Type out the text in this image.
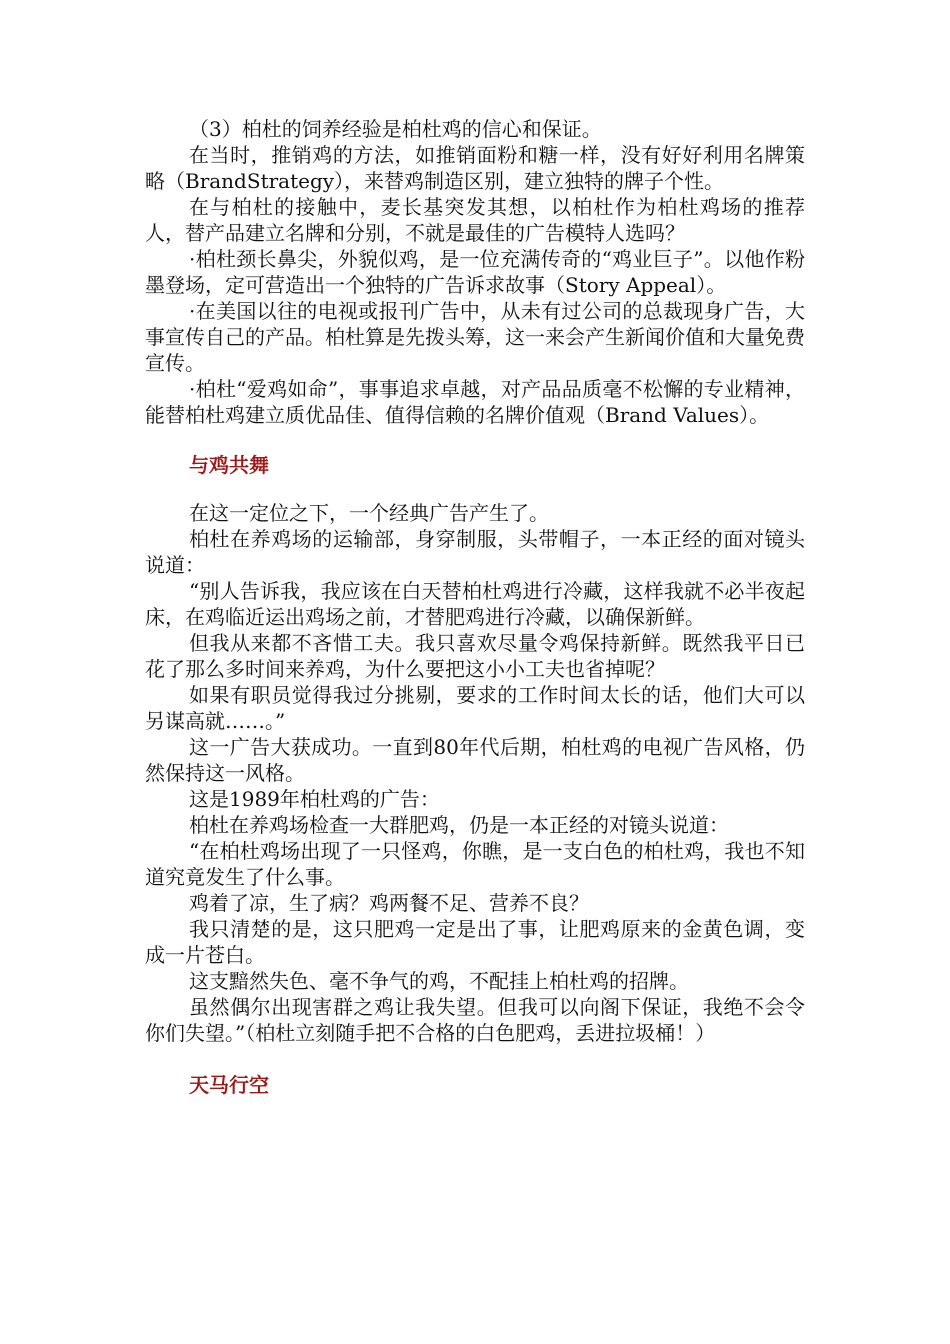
（3）柏杜的饲养经验是柏杜鸡的信心和保证。

在当时，推销鸡的方法，如推销面粉和糖一样，没有好好利用名牌策略（BrandStrategy），来替鸡制造区别，建立独特的牌子个性。

在与柏杜的接触中，麦长基突发其想，以柏杜作为柏杜鸡场的推荐人，替产品建立名牌和分别，不就是最佳的广告模特人选吗？

·柏杜颈长鼻尖，外貌似鸡，是一位充满传奇的“鸡业巨子”。以他作粉墨登场，定可营造出一个独特的广告诉求故事（Story Appeal）。

·在美国以往的电视或报刊广告中，从未有过公司的总裁现身广告，大事宣传自己的产品。柏杜算是先拨头筹，这一来会产生新闻价值和大量免费宣传。

·柏杜“爱鸡如命”，事事追求卓越，对产品品质毫不松懈的专业精神，能替柏杜鸡建立质优品佳、值得信赖的名牌价值观（Brand Values）。

与鸡共舞

在这一定位之下，一个经典广告产生了。

柏杜在养鸡场的运输部，身穿制服，头带帽子，一本正经的面对镜头说道：

“别人告诉我，我应该在白天替柏杜鸡进行冷藏，这样我就不必半夜起床，在鸡临近运出鸡场之前，才替肥鸡进行冷藏，以确保新鲜。

但我从来都不吝惜工夫。我只喜欢尽量令鸡保持新鲜。既然我平日已花了那么多时间来养鸡，为什么要把这小小工夫也省掉呢？

如果有职员觉得我过分挑剔，要求的工作时间太长的话，他们大可以另谋高就……。”

这一广告大获成功。一直到80年代后期，柏杜鸡的电视广告风格，仍然保持这一风格。

这是1989年柏杜鸡的广告：

柏杜在养鸡场检查一大群肥鸡，仍是一本正经的对镜头说道：

“在柏杜鸡场出现了一只怪鸡，你瞧，是一支白色的柏杜鸡，我也不知道究竟发生了什么事。

鸡着了凉，生了病？鸡两餐不足、营养不良？

我只清楚的是，这只肥鸡一定是出了事，让肥鸡原来的金黄色调，变成一片苍白。

这支黯然失色、毫不争气的鸡，不配挂上柏杜鸡的招牌。

虽然偶尔出现害群之鸡让我失望。但我可以向阁下保证，我绝不会令你们失望。”（柏杜立刻随手把不合格的白色肥鸡，丢进拉圾桶！）

天马行空
